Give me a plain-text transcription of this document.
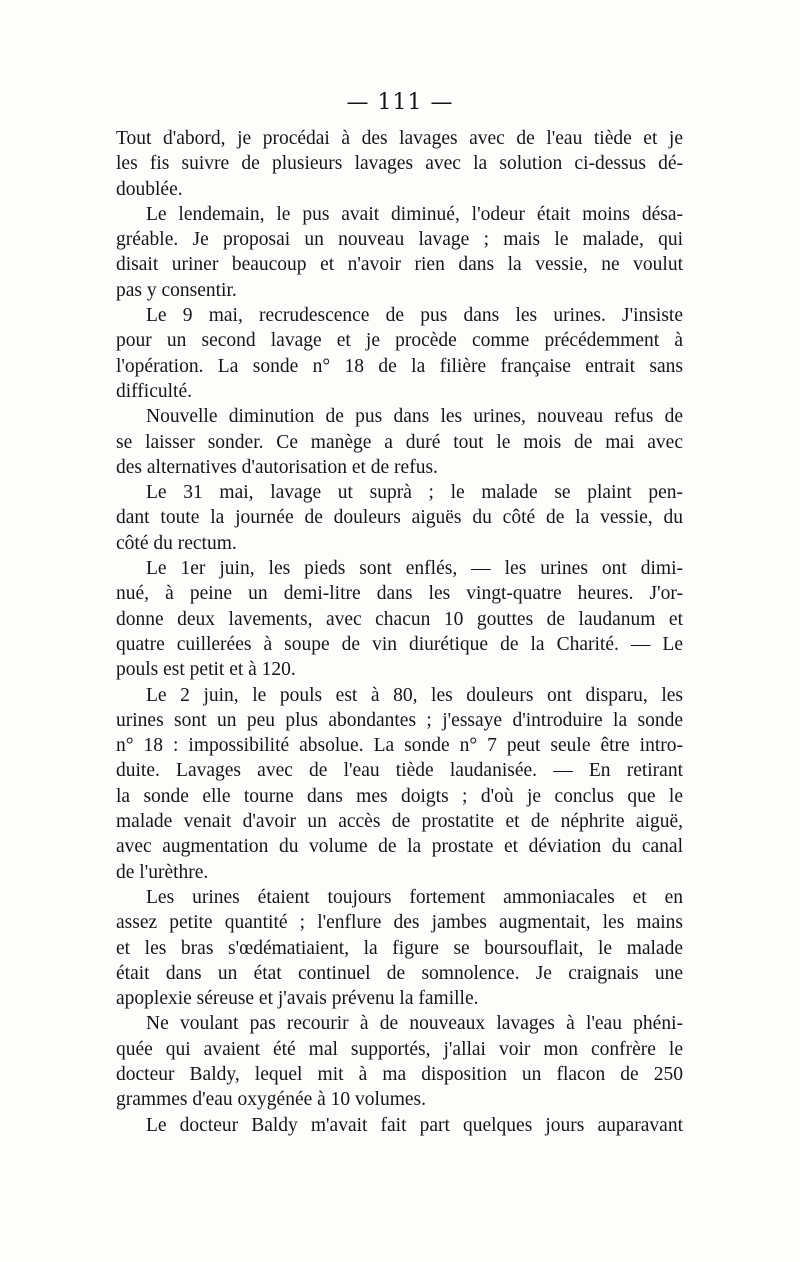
— 111 —
Tout d'abord, je procédai à des lavages avec de l'eau tiède et je
les fis suivre de plusieurs lavages avec la solution ci-dessus dé-
doublée.
Le lendemain, le pus avait diminué, l'odeur était moins désa-
gréable. Je proposai un nouveau lavage ; mais le malade, qui
disait uriner beaucoup et n'avoir rien dans la vessie, ne voulut
pas y consentir.
Le 9 mai, recrudescence de pus dans les urines. J'insiste
pour un second lavage et je procède comme précédemment à
l'opération. La sonde n° 18 de la filière française entrait sans
difficulté.
Nouvelle diminution de pus dans les urines, nouveau refus de
se laisser sonder. Ce manège a duré tout le mois de mai avec
des alternatives d'autorisation et de refus.
Le 31 mai, lavage ut suprà ; le malade se plaint pen-
dant toute la journée de douleurs aiguës du côté de la vessie, du
côté du rectum.
Le 1er juin, les pieds sont enflés, — les urines ont dimi-
nué, à peine un demi-litre dans les vingt-quatre heures. J'or-
donne deux lavements, avec chacun 10 gouttes de laudanum et
quatre cuillerées à soupe de vin diurétique de la Charité. — Le
pouls est petit et à 120.
Le 2 juin, le pouls est à 80, les douleurs ont disparu, les
urines sont un peu plus abondantes ; j'essaye d'introduire la sonde
n° 18 : impossibilité absolue. La sonde n° 7 peut seule être intro-
duite. Lavages avec de l'eau tiède laudanisée. — En retirant
la sonde elle tourne dans mes doigts ; d'où je conclus que le
malade venait d'avoir un accès de prostatite et de néphrite aiguë,
avec augmentation du volume de la prostate et déviation du canal
de l'urèthre.
Les urines étaient toujours fortement ammoniacales et en
assez petite quantité ; l'enflure des jambes augmentait, les mains
et les bras s'œdématiaient, la figure se boursouflait, le malade
était dans un état continuel de somnolence. Je craignais une
apoplexie séreuse et j'avais prévenu la famille.
Ne voulant pas recourir à de nouveaux lavages à l'eau phéni-
quée qui avaient été mal supportés, j'allai voir mon confrère le
docteur Baldy, lequel mit à ma disposition un flacon de 250
grammes d'eau oxygénée à 10 volumes.
Le docteur Baldy m'avait fait part quelques jours auparavant
